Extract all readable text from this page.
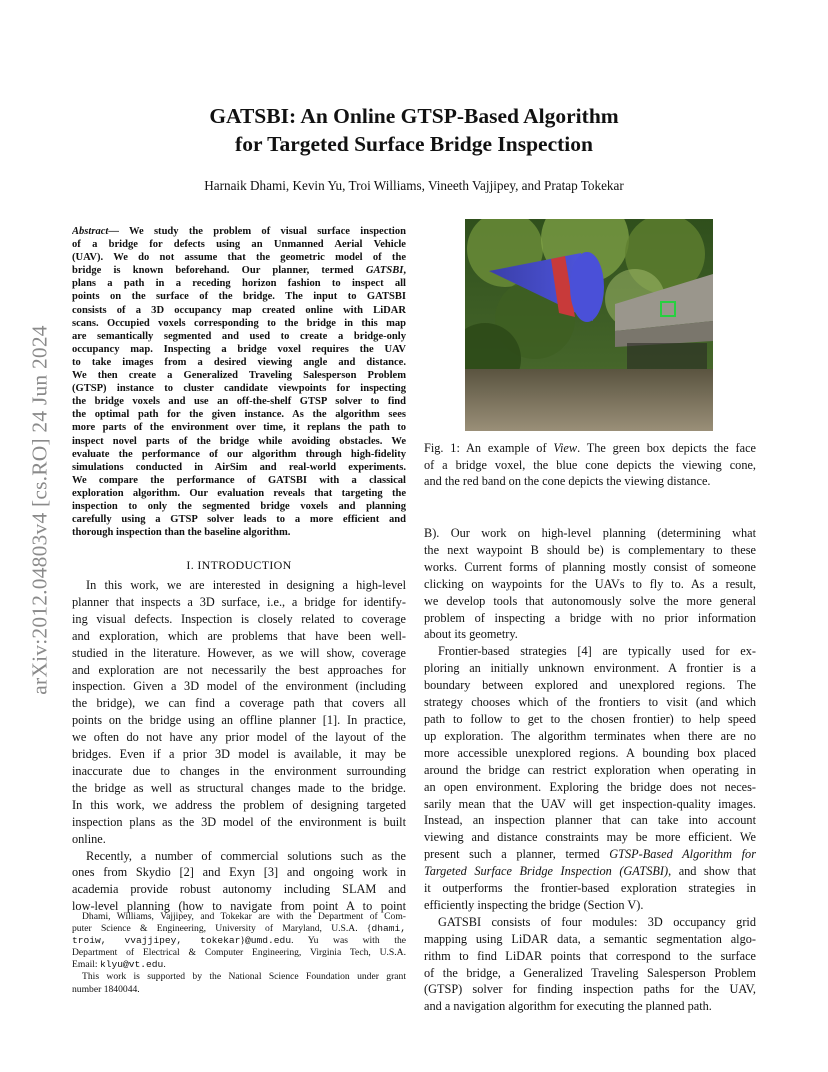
arXiv:2012.04803v4 [cs.RO] 24 Jun 2024
GATSBI: An Online GTSP-Based Algorithm
for Targeted Surface Bridge Inspection
Harnaik Dhami, Kevin Yu, Troi Williams, Vineeth Vajjipey, and Pratap Tokekar
Abstract— We study the problem of visual surface inspection
of a bridge for defects using an Unmanned Aerial Vehicle
(UAV). We do not assume that the geometric model of the
bridge is known beforehand. Our planner, termed GATSBI,
plans a path in a receding horizon fashion to inspect all
points on the surface of the bridge. The input to GATSBI
consists of a 3D occupancy map created online with LiDAR
scans. Occupied voxels corresponding to the bridge in this map
are semantically segmented and used to create a bridge-only
occupancy map. Inspecting a bridge voxel requires the UAV
to take images from a desired viewing angle and distance.
We then create a Generalized Traveling Salesperson Problem
(GTSP) instance to cluster candidate viewpoints for inspecting
the bridge voxels and use an off-the-shelf GTSP solver to find
the optimal path for the given instance. As the algorithm sees
more parts of the environment over time, it replans the path to
inspect novel parts of the bridge while avoiding obstacles. We
evaluate the performance of our algorithm through high-fidelity
simulations conducted in AirSim and real-world experiments.
We compare the performance of GATSBI with a classical
exploration algorithm. Our evaluation reveals that targeting the
inspection to only the segmented bridge voxels and planning
carefully using a GTSP solver leads to a more efficient and
thorough inspection than the baseline algorithm.
I. INTRODUCTION
In this work, we are interested in designing a high-level
planner that inspects a 3D surface, i.e., a bridge for identify-
ing visual defects. Inspection is closely related to coverage
and exploration, which are problems that have been well-
studied in the literature. However, as we will show, coverage
and exploration are not necessarily the best approaches for
inspection. Given a 3D model of the environment (including
the bridge), we can find a coverage path that covers all
points on the bridge using an offline planner [1]. In practice,
we often do not have any prior model of the layout of the
bridges. Even if a prior 3D model is available, it may be
inaccurate due to changes in the environment surrounding
the bridge as well as structural changes made to the bridge.
In this work, we address the problem of designing targeted
inspection plans as the 3D model of the environment is built
online.
Recently, a number of commercial solutions such as the
ones from Skydio [2] and Exyn [3] and ongoing work in
academia provide robust autonomy including SLAM and
low-level planning (how to navigate from point A to point
Dhami, Williams, Vajjipey, and Tokekar are with the Department of Com-
puter Science & Engineering, University of Maryland, U.S.A. {dhami,
troiw, vvajjipey, tokekar}@umd.edu. Yu was with the
Department of Electrical & Computer Engineering, Virginia Tech, U.S.A.
Email: klyu@vt.edu.
This work is supported by the National Science Foundation under grant
number 1840044.
Fig. 1: An example of View. The green box depicts the face
of a bridge voxel, the blue cone depicts the viewing cone,
and the red band on the cone depicts the viewing distance.
B). Our work on high-level planning (determining what
the next waypoint B should be) is complementary to these
works. Current forms of planning mostly consist of someone
clicking on waypoints for the UAVs to fly to. As a result,
we develop tools that autonomously solve the more general
problem of inspecting a bridge with no prior information
about its geometry.
Frontier-based strategies [4] are typically used for ex-
ploring an initially unknown environment. A frontier is a
boundary between explored and unexplored regions. The
strategy chooses which of the frontiers to visit (and which
path to follow to get to the chosen frontier) to help speed
up exploration. The algorithm terminates when there are no
more accessible unexplored regions. A bounding box placed
around the bridge can restrict exploration when operating in
an open environment. Exploring the bridge does not neces-
sarily mean that the UAV will get inspection-quality images.
Instead, an inspection planner that can take into account
viewing and distance constraints may be more efficient. We
present such a planner, termed GTSP-Based Algorithm for
Targeted Surface Bridge Inspection (GATSBI), and show that
it outperforms the frontier-based exploration strategies in
efficiently inspecting the bridge (Section V).
GATSBI consists of four modules: 3D occupancy grid
mapping using LiDAR data, a semantic segmentation algo-
rithm to find LiDAR points that correspond to the surface
of the bridge, a Generalized Traveling Salesperson Problem
(GTSP) solver for finding inspection paths for the UAV,
and a navigation algorithm for executing the planned path.
